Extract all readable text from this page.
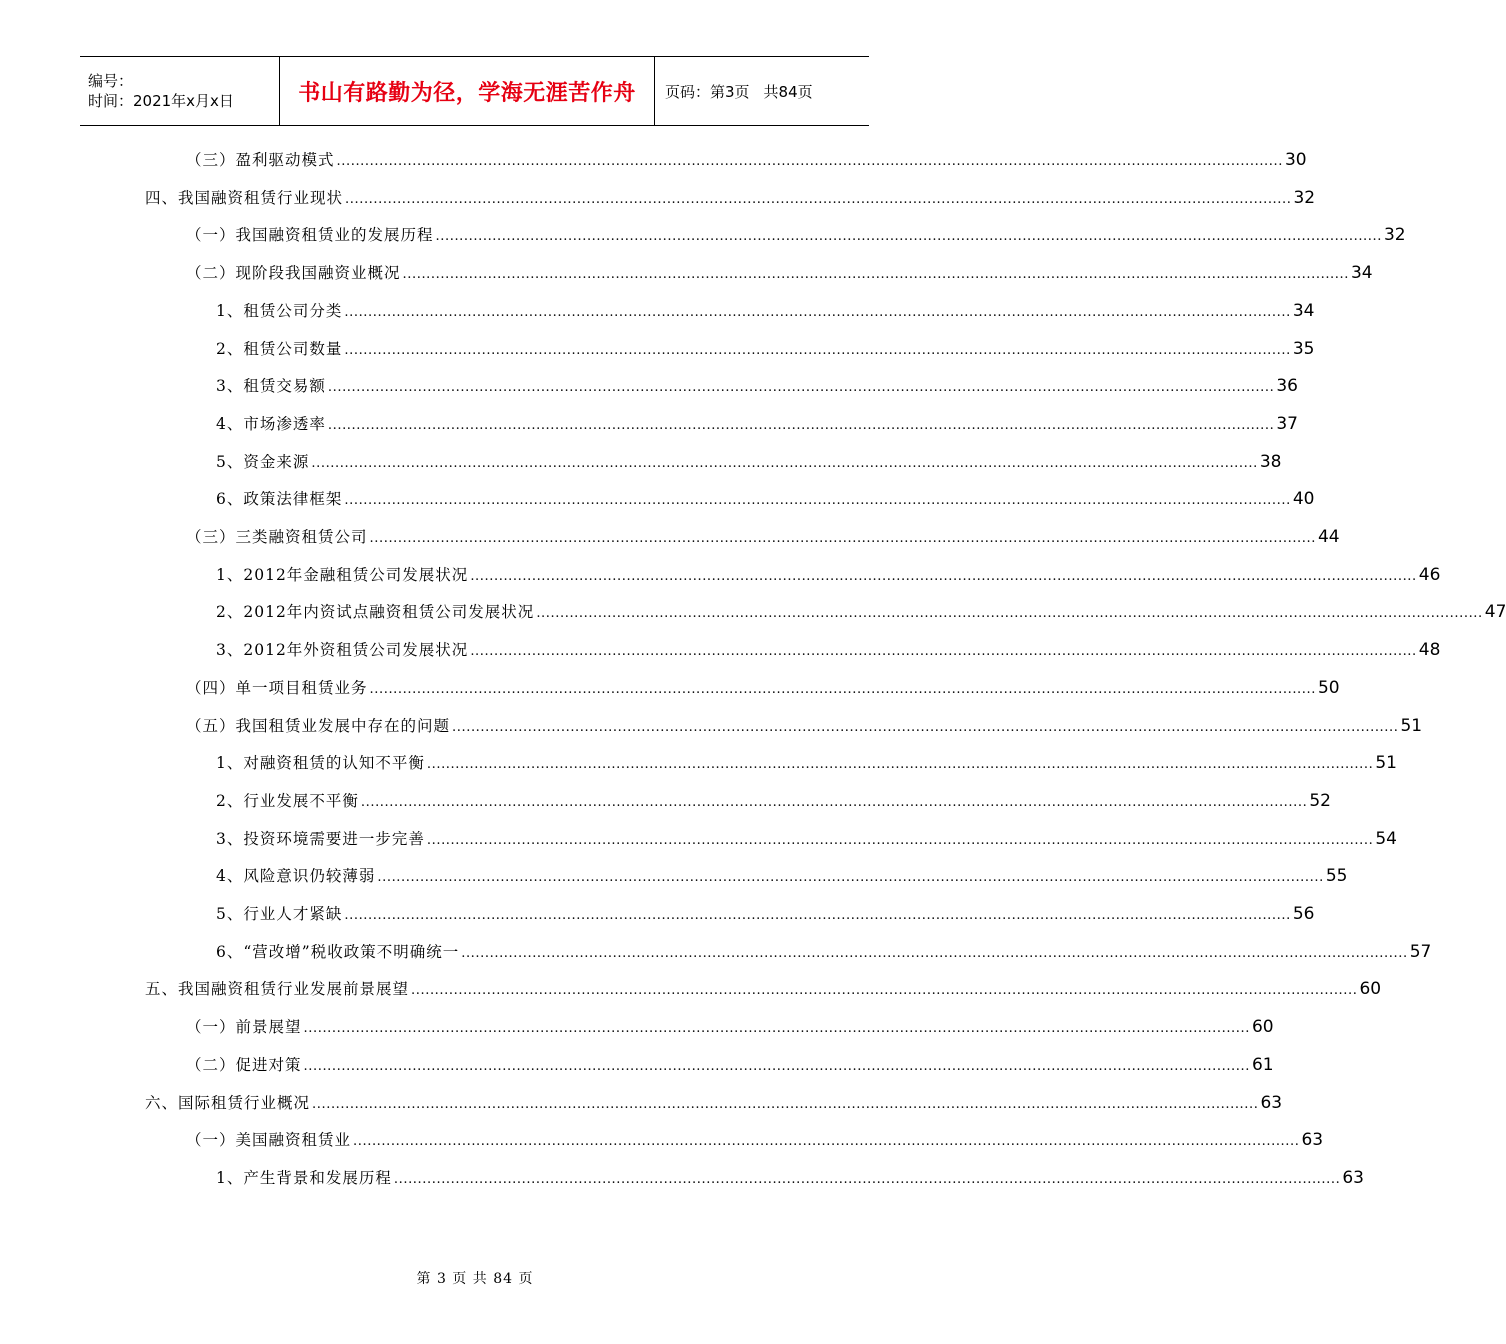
编号：
时间：2021年x月x日	书山有路勤为径，学海无涯苦作舟 页码：第3页 共84页
（三）盈利驱动模式 ........................................................................................................................................................................................................ 30
四、我国融资租赁行业现状 ........................................................................................................................................................................................................ 32
（一）我国融资租赁业的发展历程 ........................................................................................................................................................................................................ 32
（二）现阶段我国融资业概况 ........................................................................................................................................................................................................ 34
1、租赁公司分类 ........................................................................................................................................................................................................ 34
2、租赁公司数量 ........................................................................................................................................................................................................ 35
3、租赁交易额 ........................................................................................................................................................................................................ 36
4、市场渗透率 ........................................................................................................................................................................................................ 37
5、资金来源 ........................................................................................................................................................................................................ 38
6、政策法律框架 ........................................................................................................................................................................................................ 40
（三）三类融资租赁公司 ........................................................................................................................................................................................................ 44
1、2012年金融租赁公司发展状况 ........................................................................................................................................................................................................ 46
2、2012年内资试点融资租赁公司发展状况 ........................................................................................................................................................................................................ 47
3、2012年外资租赁公司发展状况 ........................................................................................................................................................................................................ 48
（四）单一项目租赁业务 ........................................................................................................................................................................................................ 50
（五）我国租赁业发展中存在的问题 ........................................................................................................................................................................................................ 51
1、对融资租赁的认知不平衡 ........................................................................................................................................................................................................ 51
2、行业发展不平衡 ........................................................................................................................................................................................................ 52
3、投资环境需要进一步完善 ........................................................................................................................................................................................................ 54
4、风险意识仍较薄弱 ........................................................................................................................................................................................................ 55
5、行业人才紧缺 ........................................................................................................................................................................................................ 56
6、“营改增”税收政策不明确统一 ........................................................................................................................................................................................................ 57
五、我国融资租赁行业发展前景展望 ........................................................................................................................................................................................................ 60
（一）前景展望 ........................................................................................................................................................................................................ 60
（二）促进对策 ........................................................................................................................................................................................................ 61
六、国际租赁行业概况 ........................................................................................................................................................................................................ 63
（一）美国融资租赁业 ........................................................................................................................................................................................................ 63
1、产生背景和发展历程 ........................................................................................................................................................................................................ 63
第 3 页 共 84 页
